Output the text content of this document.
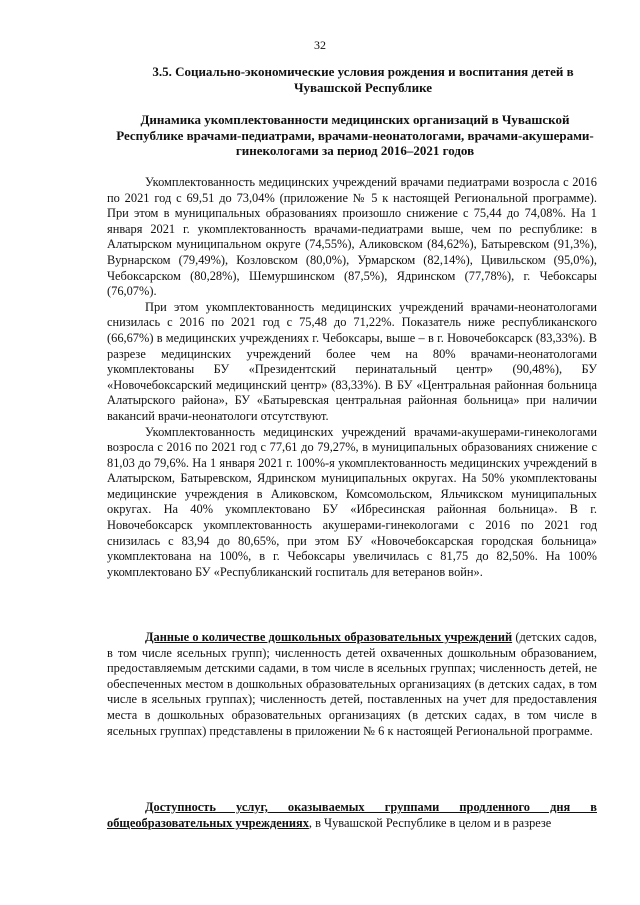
32
3.5. Социально-экономические условия рождения и воспитания детей в Чувашской Республике
Динамика укомплектованности медицинских организаций в Чувашской Республике врачами-педиатрами, врачами-неонатологами, врачами-акушерами-гинекологами за период 2016–2021 годов

Укомплектованность медицинских учреждений врачами педиатрами возросла с 2016 по 2021 год с 69,51 до 73,04% (приложение № 5 к настоящей Региональной программе). При этом в муниципальных образованиях произошло снижение с 75,44 до 74,08%. На 1 января 2021 г. укомплектованность врачами-педиатрами выше, чем по республике: в Алатырском муниципальном округе (74,55%), Аликовском (84,62%), Батыревском (91,3%), Вурнарском (79,49%), Козловском (80,0%), Урмарском (82,14%), Цивильском (95,0%), Чебоксарском (80,28%), Шемуршинском (87,5%), Ядринском (77,78%), г. Чебоксары (76,07%).

При этом укомплектованность медицинских учреждений врачами-неонатологами снизилась с 2016 по 2021 год с 75,48 до 71,22%. Показатель ниже республиканского (66,67%) в медицинских учреждениях г. Чебоксары, выше – в г. Новочебоксарск (83,33%). В разрезе медицинских учреждений более чем на 80% врачами-неонатологами укомплектованы БУ «Президентский перинатальный центр» (90,48%), БУ «Новочебоксарский медицинский центр» (83,33%). В БУ «Центральная районная больница Алатырского района», БУ «Батыревская центральная районная больница» при наличии вакансий врачи-неонатологи отсутствуют.

Укомплектованность медицинских учреждений врачами-акушерами-гинекологами возросла с 2016 по 2021 год с 77,61 до 79,27%, в муниципальных образованиях снижение с 81,03 до 79,6%. На 1 января 2021 г. 100%-я укомплектованность медицинских учреждений в Алатырском, Батыревском, Ядринском муниципальных округах. На 50% укомплектованы медицинские учреждения в Аликовском, Комсомольском, Яльчикском муниципальных округах. На 40% укомплектовано БУ «Ибресинская районная больница». В г. Новочебоксарск укомплектованность акушерами-гинекологами с 2016 по 2021 год снизилась с 83,94 до 80,65%, при этом БУ «Новочебоксарская городская больница» укомплектована на 100%, в г. Чебоксары увеличилась с 81,75 до 82,50%. На 100% укомплектовано БУ «Республиканский госпиталь для ветеранов войн».

Данные о количестве дошкольных образовательных учреждений (детских садов, в том числе ясельных групп); численность детей охваченных дошкольным образованием, предоставляемым детскими садами, в том числе в ясельных группах; численность детей, не обеспеченных местом в дошкольных образовательных организациях (в детских садах, в том числе в ясельных группах); численность детей, поставленных на учет для предоставления места в дошкольных образовательных организациях (в детских садах, в том числе в ясельных группах) представлены в приложении № 6 к настоящей Региональной программе.

Доступность услуг, оказываемых группами продленного дня в общеобразовательных учреждениях, в Чувашской Республике в целом и в разрезе
